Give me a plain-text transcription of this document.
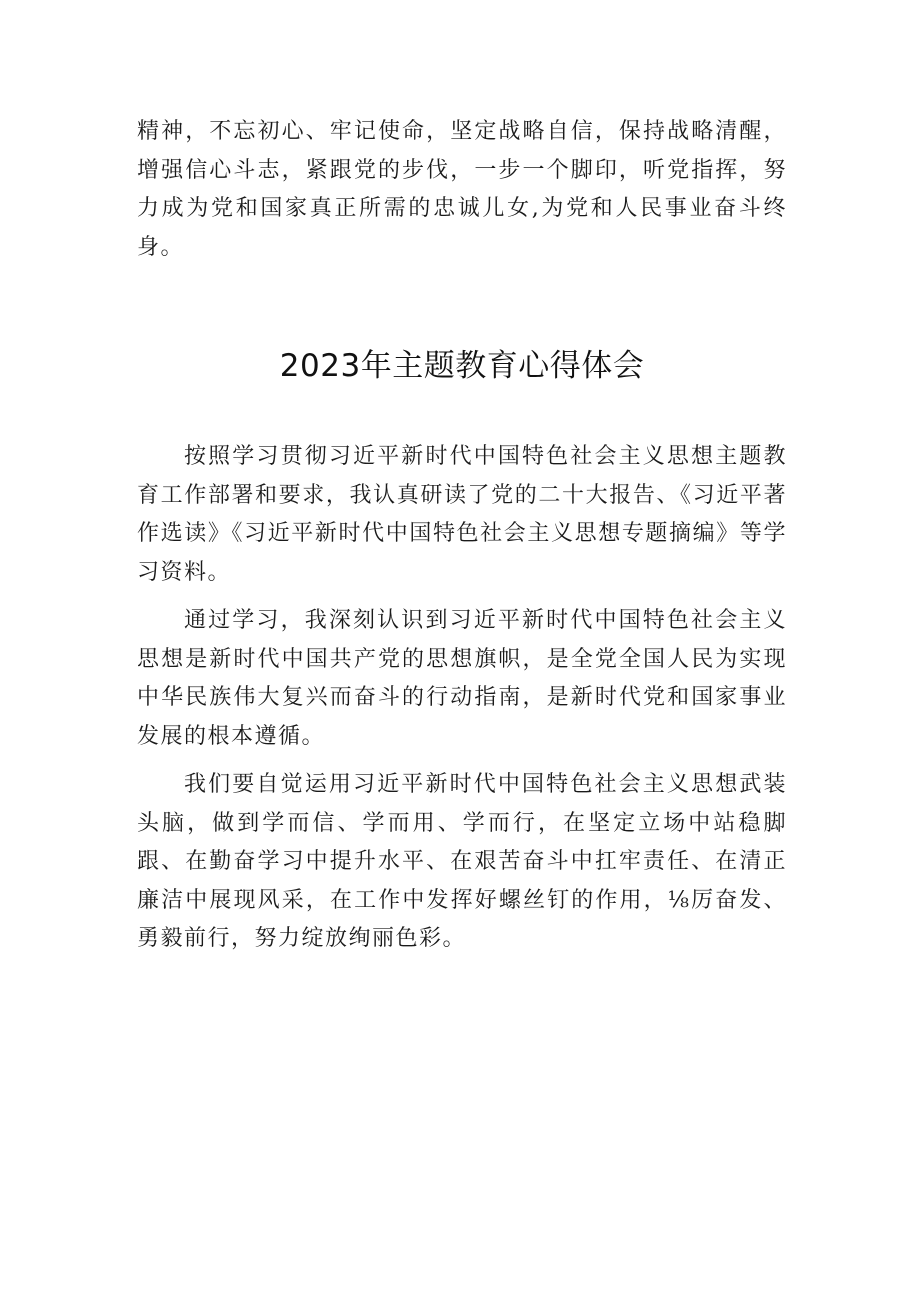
精神，不忘初心、牢记使命，坚定战略自信，保持战略清醒，增强信心斗志，紧跟党的步伐，一步一个脚印，听党指挥，努力成为党和国家真正所需的忠诚儿女,为党和人民事业奋斗终身。

2023年主题教育心得体会

按照学习贯彻习近平新时代中国特色社会主义思想主题教育工作部署和要求，我认真研读了党的二十大报告、《习近平著作选读》《习近平新时代中国特色社会主义思想专题摘编》等学习资料。

通过学习，我深刻认识到习近平新时代中国特色社会主义思想是新时代中国共产党的思想旗帜，是全党全国人民为实现中华民族伟大复兴而奋斗的行动指南，是新时代党和国家事业发展的根本遵循。

我们要自觉运用习近平新时代中国特色社会主义思想武装头脑，做到学而信、学而用、学而行，在坚定立场中站稳脚跟、在勤奋学习中提升水平、在艰苦奋斗中扛牢责任、在清正廉洁中展现风采，在工作中发挥好螺丝钉的作用，⅛厉奋发、勇毅前行，努力绽放绚丽色彩。
